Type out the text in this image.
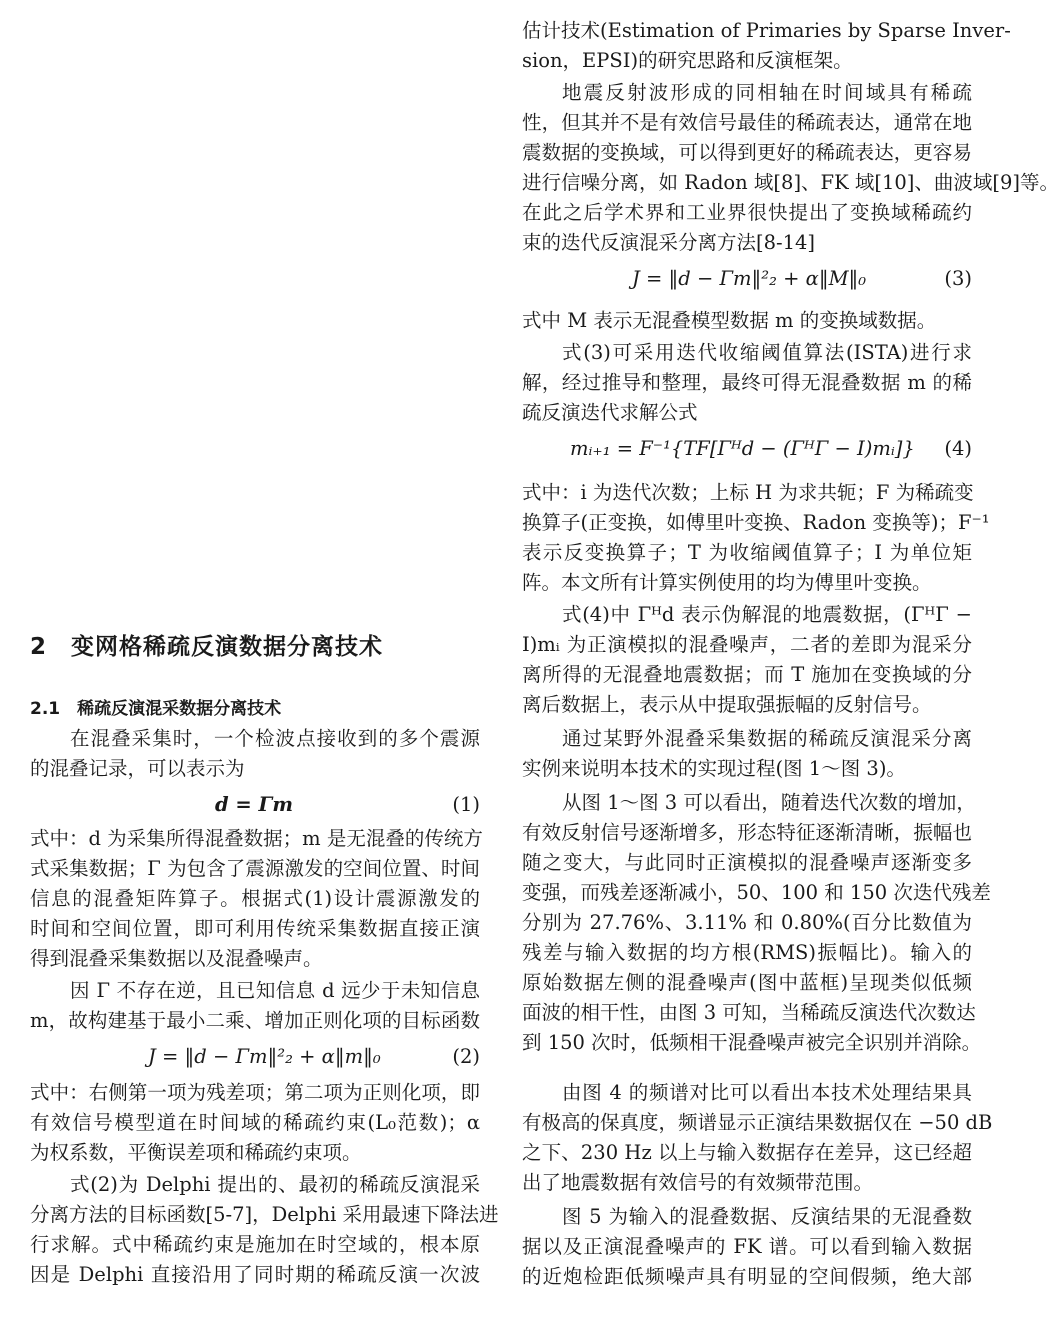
2　变网格稀疏反演数据分离技术
2.1　稀疏反演混采数据分离技术
在混叠采集时，一个检波点接收到的多个震源
的混叠记录，可以表示为
d = Γm	(1)
式中：d 为采集所得混叠数据；m 是无混叠的传统方
式采集数据；Γ 为包含了震源激发的空间位置、时间
信息的混叠矩阵算子。根据式(1)设计震源激发的
时间和空间位置，即可利用传统采集数据直接正演
得到混叠采集数据以及混叠噪声。
因 Γ 不存在逆，且已知信息 d 远少于未知信息
m，故构建基于最小二乘、增加正则化项的目标函数
J = ‖d − Γm‖²₂ + α‖m‖₀	(2)
式中：右侧第一项为残差项；第二项为正则化项，即
有效信号模型道在时间域的稀疏约束(L₀范数)；α
为权系数，平衡误差项和稀疏约束项。
式(2)为 Delphi 提出的、最初的稀疏反演混采
分离方法的目标函数[5-7]，Delphi 采用最速下降法进
行求解。式中稀疏约束是施加在时空域的，根本原
因是 Delphi 直接沿用了同时期的稀疏反演一次波
估计技术(Estimation of Primaries by Sparse Inver-
sion，EPSI)的研究思路和反演框架。
地震反射波形成的同相轴在时间域具有稀疏
性，但其并不是有效信号最佳的稀疏表达，通常在地
震数据的变换域，可以得到更好的稀疏表达，更容易
进行信噪分离，如 Radon 域[8]、FK 域[10]、曲波域[9]等。
在此之后学术界和工业界很快提出了变换域稀疏约
束的迭代反演混采分离方法[8-14]
J = ‖d − Γm‖²₂ + α‖M‖₀	(3)
式中 M 表示无混叠模型数据 m 的变换域数据。
式(3)可采用迭代收缩阈值算法(ISTA)进行求
解，经过推导和整理，最终可得无混叠数据 m 的稀
疏反演迭代求解公式
mᵢ₊₁ = F⁻¹{TF[Γᴴd − (ΓᴴΓ − I)mᵢ]} (4)
式中：i 为迭代次数；上标 H 为求共轭；F 为稀疏变
换算子(正变换，如傅里叶变换、Radon 变换等)；F⁻¹
表示反变换算子；T 为收缩阈值算子；I 为单位矩
阵。本文所有计算实例使用的均为傅里叶变换。
式(4)中 Γᴴd 表示伪解混的地震数据，(ΓᴴΓ −
I)mᵢ 为正演模拟的混叠噪声，二者的差即为混采分
离所得的无混叠地震数据；而 T 施加在变换域的分
离后数据上，表示从中提取强振幅的反射信号。
通过某野外混叠采集数据的稀疏反演混采分离
实例来说明本技术的实现过程(图 1～图 3)。
从图 1～图 3 可以看出，随着迭代次数的增加，
有效反射信号逐渐增多，形态特征逐渐清晰，振幅也
随之变大，与此同时正演模拟的混叠噪声逐渐变多
变强，而残差逐渐减小，50、100 和 150 次迭代残差
分别为 27.76%、3.11% 和 0.80%(百分比数值为
残差与输入数据的均方根(RMS)振幅比)。输入的
原始数据左侧的混叠噪声(图中蓝框)呈现类似低频
面波的相干性，由图 3 可知，当稀疏反演迭代次数达
到 150 次时，低频相干混叠噪声被完全识别并消除。
由图 4 的频谱对比可以看出本技术处理结果具
有极高的保真度，频谱显示正演结果数据仅在 −50 dB
之下、230 Hz 以上与输入数据存在差异，这已经超
出了地震数据有效信号的有效频带范围。
图 5 为输入的混叠数据、反演结果的无混叠数
据以及正演混叠噪声的 FK 谱。可以看到输入数据
的近炮检距低频噪声具有明显的空间假频，绝大部
